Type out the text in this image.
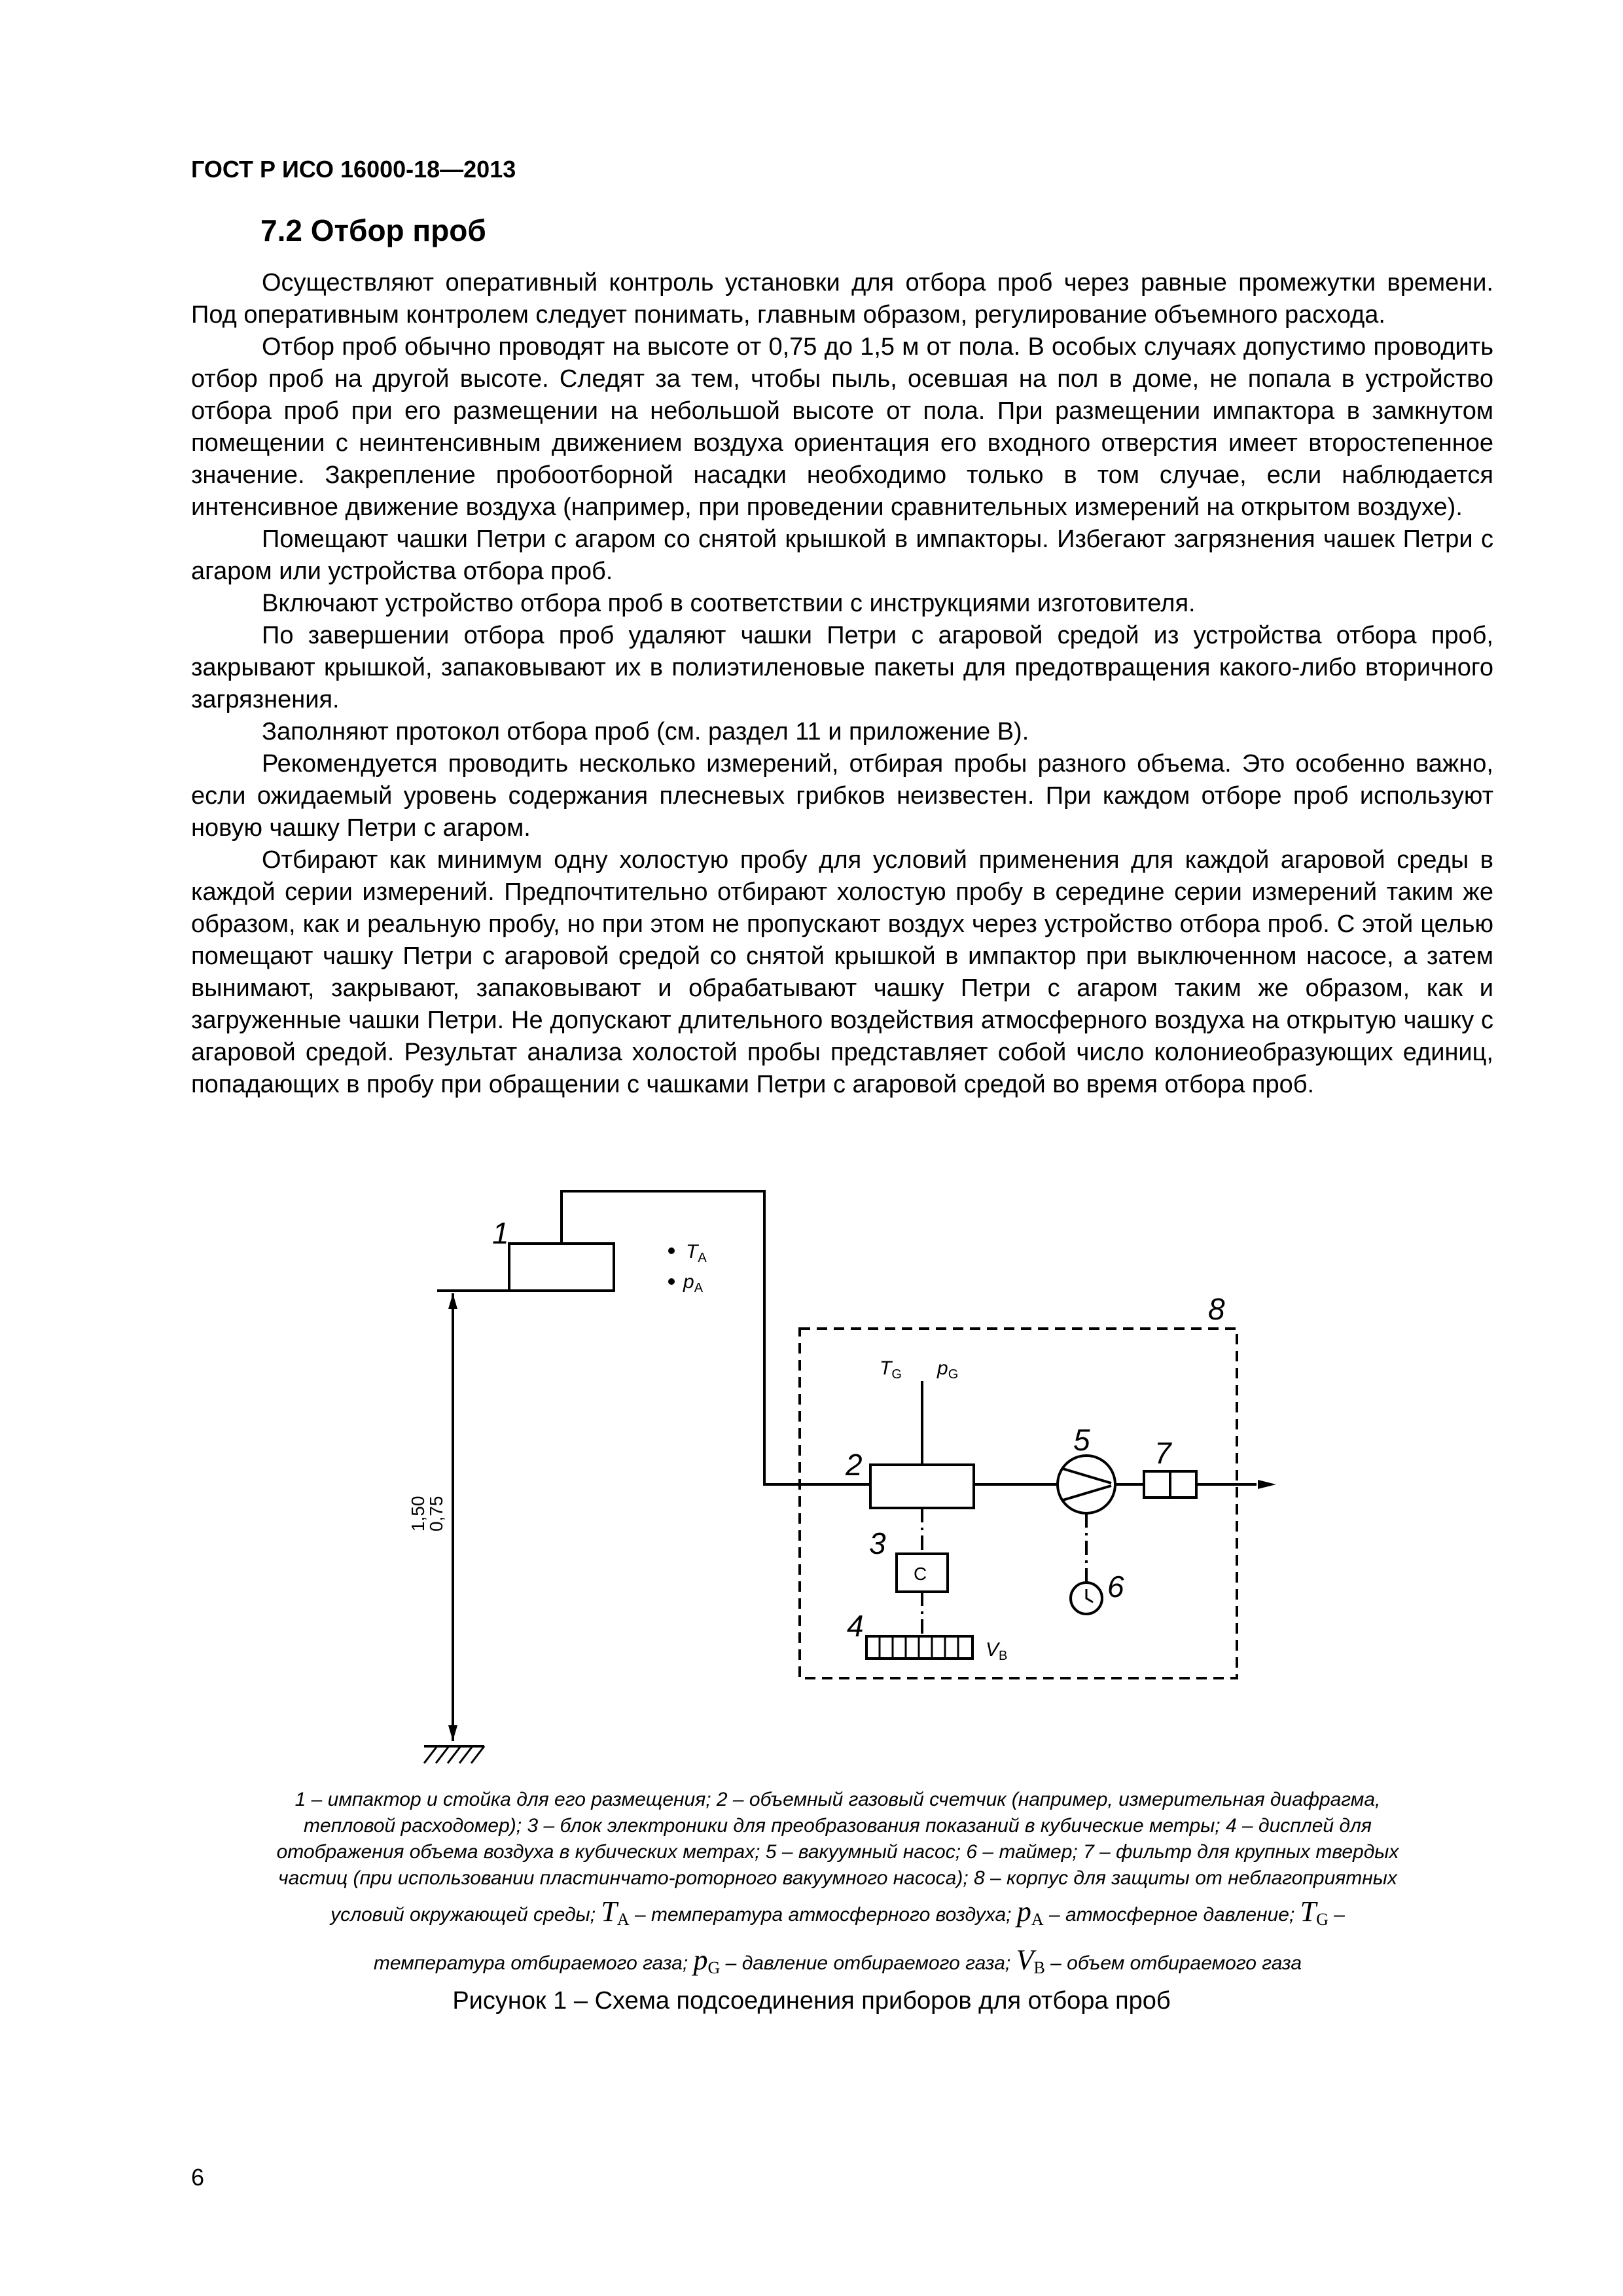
ГОСТ Р ИСО 16000-18—2013
7.2 Отбор проб

Осуществляют оперативный контроль установки для отбора проб через равные промежутки времени. Под оперативным контролем следует понимать, главным образом, регулирование объемного расхода.

Отбор проб обычно проводят на высоте от 0,75 до 1,5 м от пола. В особых случаях допустимо проводить отбор проб на другой высоте. Следят за тем, чтобы пыль, осевшая на пол в доме, не попала в устройство отбора проб при его размещении на небольшой высоте от пола. При размещении импактора в замкнутом помещении с неинтенсивным движением воздуха ориентация его входного отверстия имеет второстепенное значение. Закрепление пробоотборной насадки необходимо только в том случае, если наблюдается интенсивное движение воздуха (например, при проведении сравнительных измерений на открытом воздухе).

Помещают чашки Петри с агаром со снятой крышкой в импакторы. Избегают загрязнения чашек Петри с агаром или устройства отбора проб.

Включают устройство отбора проб в соответствии с инструкциями изготовителя.

По завершении отбора проб удаляют чашки Петри с агаровой средой из устройства отбора проб, закрывают крышкой, запаковывают их в полиэтиленовые пакеты для предотвращения какого-либо вторичного загрязнения.

Заполняют протокол отбора проб (см. раздел 11 и приложение В).

Рекомендуется проводить несколько измерений, отбирая пробы разного объема. Это особенно важно, если ожидаемый уровень содержания плесневых грибков неизвестен. При каждом отборе проб используют новую чашку Петри с агаром.

Отбирают как минимум одну холостую пробу для условий применения для каждой агаровой среды в каждой серии измерений. Предпочтительно отбирают холостую пробу в середине серии измерений таким же образом, как и реальную пробу, но при этом не пропускают воздух через устройство отбора проб. С этой целью помещают чашку Петри с агаровой средой со снятой крышкой в импактор при выключенном насосе, а затем вынимают, закрывают, запаковывают и обрабатывают чашку Петри с агаром таким же образом, как и загруженные чашки Петри. Не допускают длительного воздействия атмосферного воздуха на открытую чашку с агаровой средой. Результат анализа холостой пробы представляет собой число колониеобразующих единиц, попадающих в пробу при обращении с чашками Петри с агаровой средой во время отбора проб.

1
2
3
4
5
6
7
8
$T_A$
$p_A$
$T_G$ $p_G$
$V_B$
C
1,50
0,75
1 – импактор и стойка для его размещения; 2 – объемный газовый счетчик (например, измерительная диафрагма,
тепловой расходомер); 3 – блок электроники для преобразования показаний в кубические метры; 4 – дисплей для
отображения объема воздуха в кубических метрах; 5 – вакуумный насос; 6 – таймер; 7 – фильтр для крупных твердых
частиц (при использовании пластинчато-роторного вакуумного насоса); 8 – корпус для защиты от неблагоприятных
условий окружающей среды; TA – температура атмосферного воздуха; pA – атмосферное давление; TG –
температура отбираемого газа; pG – давление отбираемого газа; VB – объем отбираемого газа
Рисунок 1 – Схема подсоединения приборов для отбора проб
6
